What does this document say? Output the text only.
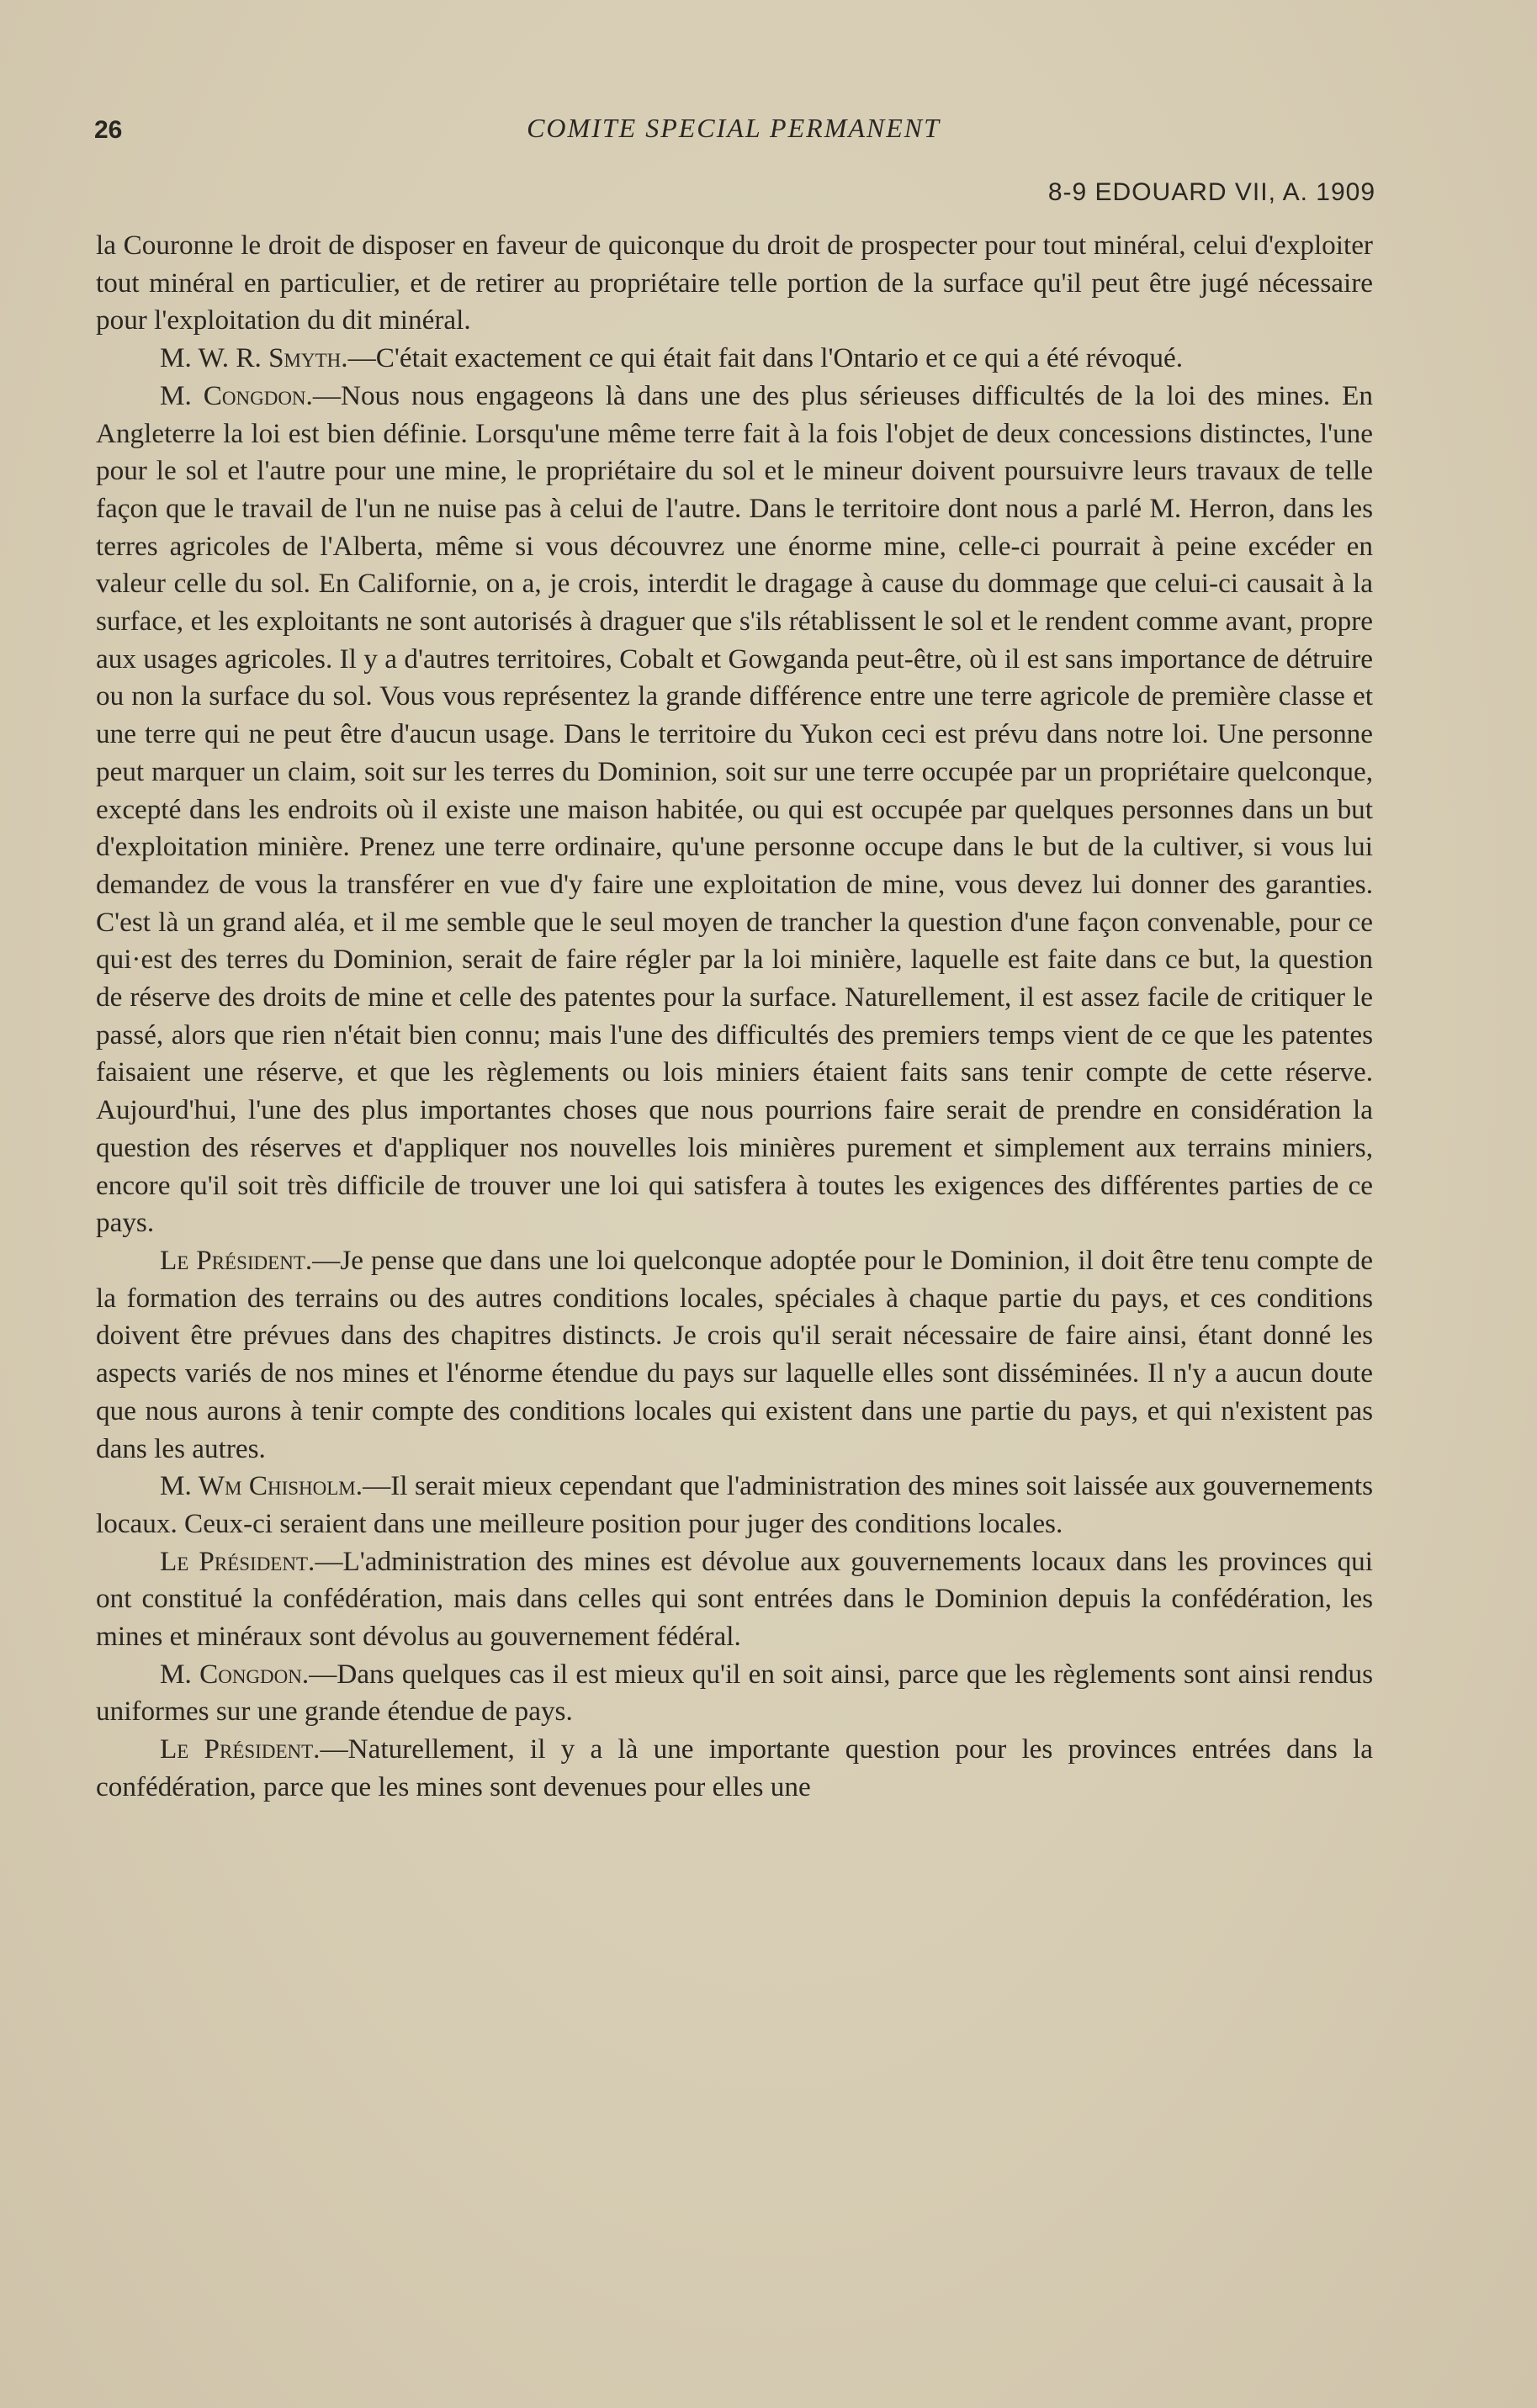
26	COMITE SPECIAL PERMANENT
8-9 EDOUARD VII, A. 1909

la Couronne le droit de disposer en faveur de quiconque du droit de prospecter pour tout minéral, celui d'exploiter tout minéral en particulier, et de retirer au propriétaire telle portion de la surface qu'il peut être jugé nécessaire pour l'exploitation du dit minéral.

M. W. R. Smyth.—C'était exactement ce qui était fait dans l'Ontario et ce qui a été révoqué.

M. Congdon.—Nous nous engageons là dans une des plus sérieuses difficultés de la loi des mines. En Angleterre la loi est bien définie. Lorsqu'une même terre fait à la fois l'objet de deux concessions distinctes, l'une pour le sol et l'autre pour une mine, le propriétaire du sol et le mineur doivent poursuivre leurs travaux de telle façon que le travail de l'un ne nuise pas à celui de l'autre. Dans le territoire dont nous a parlé M. Herron, dans les terres agricoles de l'Alberta, même si vous découvrez une énorme mine, celle-ci pourrait à peine excéder en valeur celle du sol. En Californie, on a, je crois, interdit le dragage à cause du dommage que celui-ci causait à la surface, et les exploitants ne sont autorisés à draguer que s'ils rétablissent le sol et le rendent comme avant, propre aux usages agricoles. Il y a d'autres territoires, Cobalt et Gowganda peut-être, où il est sans importance de détruire ou non la surface du sol. Vous vous représentez la grande différence entre une terre agricole de première classe et une terre qui ne peut être d'aucun usage. Dans le territoire du Yukon ceci est prévu dans notre loi. Une personne peut marquer un claim, soit sur les terres du Dominion, soit sur une terre occupée par un propriétaire quelconque, excepté dans les endroits où il existe une maison habitée, ou qui est occupée par quelques personnes dans un but d'exploitation minière. Prenez une terre ordinaire, qu'une personne occupe dans le but de la cultiver, si vous lui demandez de vous la transférer en vue d'y faire une exploitation de mine, vous devez lui donner des garanties. C'est là un grand aléa, et il me semble que le seul moyen de trancher la question d'une façon convenable, pour ce qui·est des terres du Dominion, serait de faire régler par la loi minière, laquelle est faite dans ce but, la question de réserve des droits de mine et celle des patentes pour la surface. Naturellement, il est assez facile de critiquer le passé, alors que rien n'était bien connu; mais l'une des difficultés des premiers temps vient de ce que les patentes faisaient une réserve, et que les règlements ou lois miniers étaient faits sans tenir compte de cette réserve. Aujourd'hui, l'une des plus importantes choses que nous pourrions faire serait de prendre en considération la question des réserves et d'appliquer nos nouvelles lois minières purement et simplement aux terrains miniers, encore qu'il soit très difficile de trouver une loi qui satisfera à toutes les exigences des différentes parties de ce pays.

Le Président.—Je pense que dans une loi quelconque adoptée pour le Dominion, il doit être tenu compte de la formation des terrains ou des autres conditions locales, spéciales à chaque partie du pays, et ces conditions doivent être prévues dans des chapitres distincts. Je crois qu'il serait nécessaire de faire ainsi, étant donné les aspects variés de nos mines et l'énorme étendue du pays sur laquelle elles sont disséminées. Il n'y a aucun doute que nous aurons à tenir compte des conditions locales qui existent dans une partie du pays, et qui n'existent pas dans les autres.

M. Wm Chisholm.—Il serait mieux cependant que l'administration des mines soit laissée aux gouvernements locaux. Ceux-ci seraient dans une meilleure position pour juger des conditions locales.

Le Président.—L'administration des mines est dévolue aux gouvernements locaux dans les provinces qui ont constitué la confédération, mais dans celles qui sont entrées dans le Dominion depuis la confédération, les mines et minéraux sont dévolus au gouvernement fédéral.

M. Congdon.—Dans quelques cas il est mieux qu'il en soit ainsi, parce que les règlements sont ainsi rendus uniformes sur une grande étendue de pays.

Le Président.—Naturellement, il y a là une importante question pour les provinces entrées dans la confédération, parce que les mines sont devenues pour elles une
